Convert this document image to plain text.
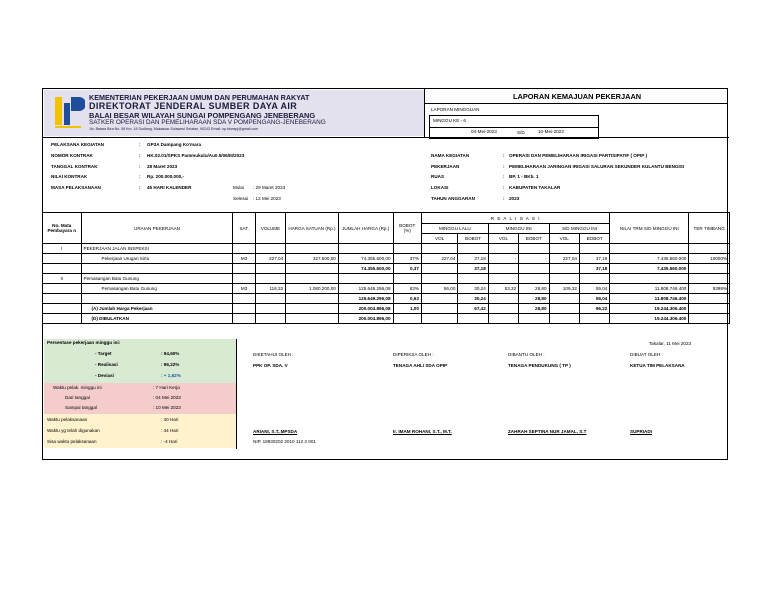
KEMENTERIAN PEKERJAAN UMUM DAN PERUMAHAN RAKYAT
DIREKTORAT JENDERAL SUMBER DAYA AIR
BALAI BESAR WILAYAH SUNGAI POMPENGANG JENEBERANG
SATKER OPERASI DAN PEMELIHARAAN SDA V POMPENGANG-JENEBERANG
Jln. Batara Bira No. 08 Km. 18 Sudiang, Makassar-Sulawesi Selatan, 90243 Email: op.bbwspj@gmail.com
LAPORAN KEMAJUAN PEKERJAAN
LAPORAN MINGGUAN
MINGGU KE - 6
04-Mei-2023	S/D	10-Mei-2023
PELAKSANA KEGIATAN	: GP3A Dampang Ko'mara
NOMOR KONTRAK	: HK.02.01/SPKS Pammukulu/Au0.5/06/III/2023
TANGGAL KONTRAK	: 28 Maret 2023
NILAI KONTRAK	: Rp. 200.000.000,-
MASA PELAKSANAAN	: 45 HARI KALENDER	Mulai : 29 Maret 2023
Selesai : 12 Mei 2023
NAMA KEGIATAN	: OPERASI DAN PEMELIHARAAN IRIGASI PARTISIPATIF ( OPIP )
PEKERJAAN	: PEMELIHARAAN JARINGAN IRIGASI SALURAN SEKUNDER KULANTU BENGISI
RUAS	: BP. 1 - BKb. 1
LOKASI	: KABUPATEN TAKALAR
TAHUN ANGGARAN	: 2023
No. Mata Pembayara n	URAIAN PEKERJAAN	SAT.	VOLUME	HARGA SATUAN (Rp.)	JUMLAH HARGA (Rp.)	BOBOT (%)	R E A L I S A S I						NILAI TRM S/D MINGGU INI	TER TIMBANG
							MINGGU LALU		MINGGU INI		S/D MINGGU INI			
							VOL	BOBOT	VOL	BOBOT	VOL	BOBOT		
I	PEKERJAAN JALAN INSPEKSI													
	Pekerjaan Urugan Sirtu	M3	227,04	327.500,00	74.355.600,00	37%	227,04	37,18	-	-	227,04	37,18	7.435.560.000	10000%
					74.355.600,00	0,37		37,18				37,18	7.435.560.000	
II	Pemasangan Batu Gunung													
	Pemasangan Batu Gunung	M3	116,32	1.080.200,00	125.649.296,08	63%	56,00	30,24	53,32	28,80	109,32	59,04	11.808.746.400	9398%
					125.649.296,08	0,63		30,24		28,80		59,04	11.808.746.400	
	(A) Jumlah Harga Pekerjaan				200.004.896,08	1,00		67,42		28,80		96,22	19.244.306.400	
	(D) DIBULATKAN				200.004.896,00								19.244.306.400	
Persentase pekerjaan minggu ini:
- Target	: 94,60%
- Realisasi	: 96,22%
- Deviasi	: + 1,62%
Waktu pelak. minggu ini	: 7 Hari Kerja
Dari tanggal	: 04 Mei 2023
Sampai tanggal	: 10 Mei 2023
Waktu pelaksanaan	: 40 Hari
Waktu yg telah digunakan	: 44 Hari
Sisa waktu pelaksanaan	: -4 Hari
Takalar, 11 Mei 2023
DIKETAHUI OLEH :
PPK OP. SDA. V
ARIANI, S.T.,MPSDA
NIP. 19830202 2010 112 2 001
DIPERIKSA OLEH :
TENAGA AHLI SDA OPIP
Ir. IMAM ROHANI, S.T., M.T.
DIBANTU OLEH :
TENAGA PENDUKUNG ( TP )
ZAHRAH SEPTINA NUR JAMAL, S.T
DIBUAT OLEH :
KETUA TIM PELAKSANA
SUPRIADI
